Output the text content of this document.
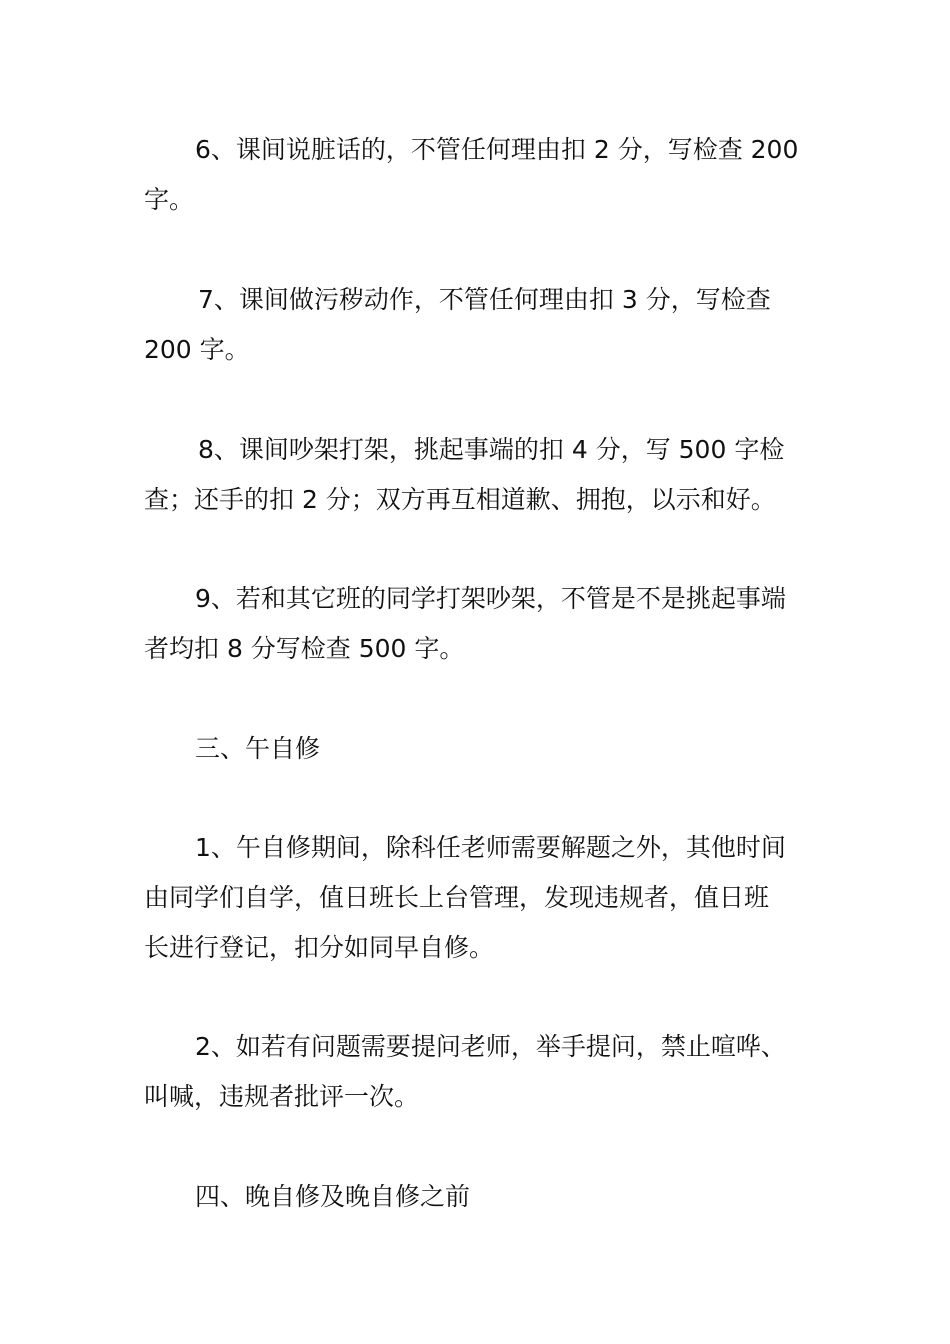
6、课间说脏话的，不管任何理由扣 2 分，写检查 200
字。
7、课间做污秽动作，不管任何理由扣 3 分，写检查
200 字。
8、课间吵架打架，挑起事端的扣 4 分，写 500 字检
查；还手的扣 2 分；双方再互相道歉、拥抱，以示和好。
9、若和其它班的同学打架吵架，不管是不是挑起事端
者均扣 8 分写检查 500 字。
三、午自修
1、午自修期间，除科任老师需要解题之外，其他时间
由同学们自学，值日班长上台管理，发现违规者，值日班
长进行登记，扣分如同早自修。
2、如若有问题需要提问老师，举手提问，禁止喧哗、
叫喊，违规者批评一次。
四、晚自修及晚自修之前
